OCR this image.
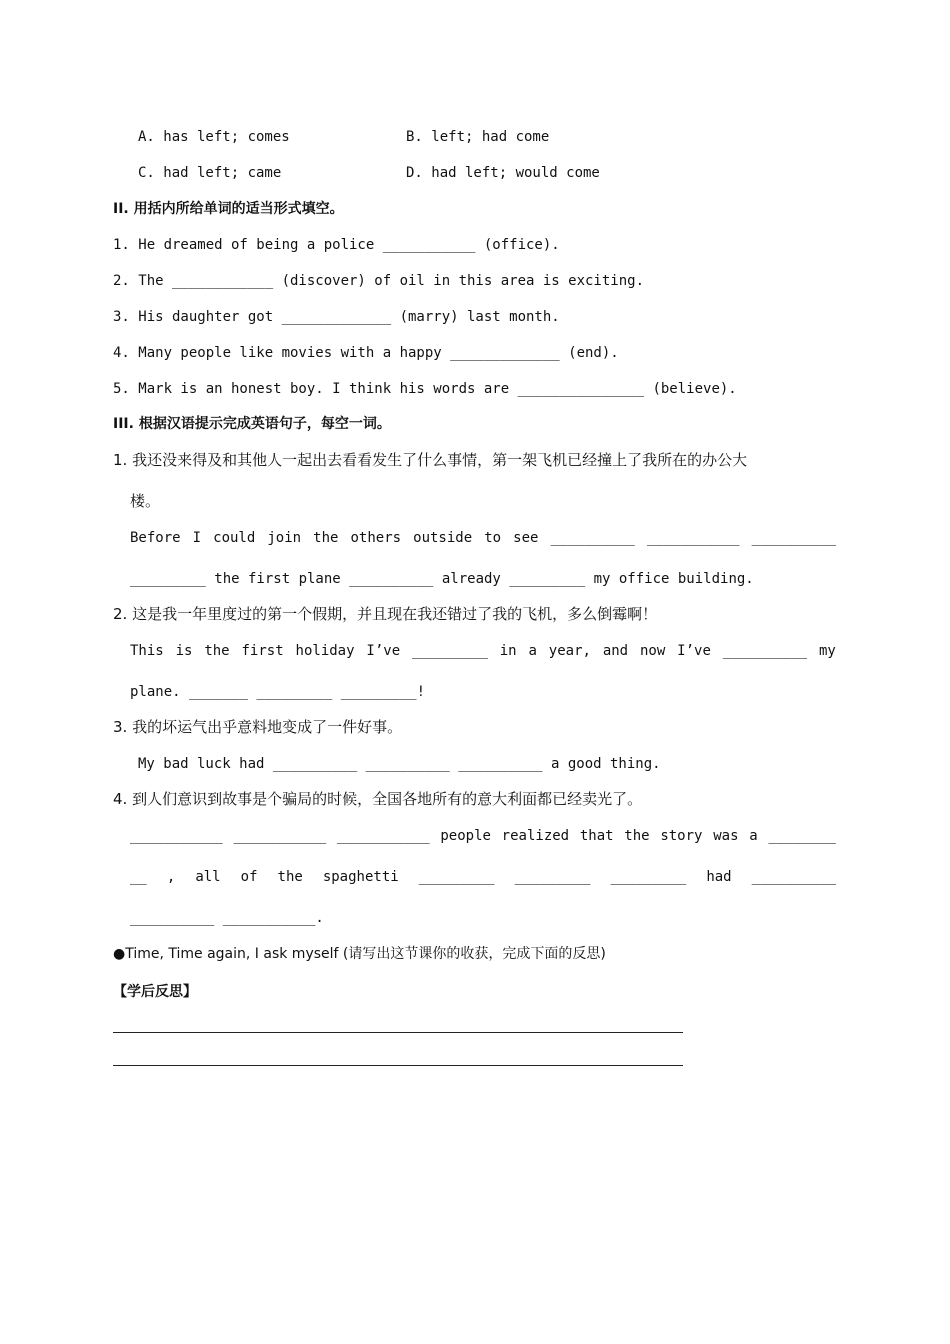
A. has left; comes	B. left; had come
C. had left; came	D. had left; would come
II. 用括内所给单词的适当形式填空。
1. He dreamed of being a police ___________ (office).
2. The ____________ (discover) of oil in this area is exciting.
3. His daughter got _____________ (marry) last month.
4. Many people like movies with a happy _____________ (end).
5. Mark is an honest boy. I think his words are _______________ (believe).
III. 根据汉语提示完成英语句子，每空一词。
1. 我还没来得及和其他人一起出去看看发生了什么事情，第一架飞机已经撞上了我所在的办公大
楼。
Before I could join the others outside to see __________ ___________ __________
_________ the first plane __________ already _________ my office building.
2. 这是我一年里度过的第一个假期，并且现在我还错过了我的飞机，多么倒霉啊！
This is the first holiday I’ve _________ in a year, and now I’ve __________ my
plane. _______ _________ _________!
3. 我的坏运气出乎意料地变成了一件好事。
My bad luck had __________ __________ __________ a good thing.
4. 到人们意识到故事是个骗局的时候，全国各地所有的意大利面都已经卖光了。
___________ ___________ ___________ people realized that the story was a ________
__ , all of the spaghetti _________ _________ _________ had __________
__________ ___________.
●Time, Time again, I ask myself (请写出这节课你的收获，完成下面的反思)
【学后反思】
